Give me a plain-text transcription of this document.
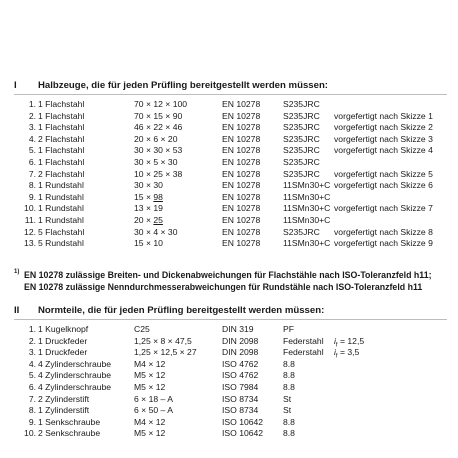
I Halbzeuge, die für jeden Prüfling bereitgestellt werden müssen:
1. 1 Flachstahl	70 × 12 × 100	EN 10278	S235JRC
2. 1 Flachstahl	70 × 15 × 90	EN 10278	S235JRC vorgefertigt nach Skizze 1
3. 1 Flachstahl	46 × 22 × 46	EN 10278	S235JRC vorgefertigt nach Skizze 2
4. 2 Flachstahl	20 × 6 × 20	EN 10278	S235JRC vorgefertigt nach Skizze 3
5. 1 Flachstahl	30 × 30 × 53	EN 10278	S235JRC vorgefertigt nach Skizze 4
6. 1 Flachstahl	30 × 5 × 30	EN 10278	S235JRC
7. 2 Flachstahl	10 × 25 × 38	EN 10278	S235JRC vorgefertigt nach Skizze 5
8. 1 Rundstahl	30 × 30	EN 10278	11SMn30+C vorgefertigt nach Skizze 6
9. 1 Rundstahl	15 × 98	EN 10278	11SMn30+C
10. 1 Rundstahl	13 × 19	EN 10278	11SMn30+C vorgefertigt nach Skizze 7
11. 1 Rundstahl	20 × 25	EN 10278	11SMn30+C
12. 5 Flachstahl	30 × 4 × 30	EN 10278	S235JRC vorgefertigt nach Skizze 8
13. 5 Rundstahl	15 × 10	EN 10278	11SMn30+C vorgefertigt nach Skizze 9
1) EN 10278 zulässige Breiten- und Dickenabweichungen für Flachstähle nach ISO-Toleranzfeld h11;
EN 10278 zulässige Nenndurchmesserabweichungen für Rundstähle nach ISO-Toleranzfeld h11
II Normteile, die für jeden Prüfling bereitgestellt werden müssen:
1. 1 Kugelknopf	C25	DIN 319	PF
2. 1 Druckfeder	1,25 × 8 × 47,5	DIN 2098	Federstahl $i_f = 12,5$
3. 1 Druckfeder	1,25 × 12,5 × 27	DIN 2098	Federstahl $i_f = 3,5$
4. 4 Zylinderschraube	M4 × 12	ISO 4762	8.8
5. 4 Zylinderschraube	M5 × 12	ISO 4762	8.8
6. 4 Zylinderschraube	M5 × 12	ISO 7984	8.8
7. 2 Zylinderstift	6 × 18 – A	ISO 8734	St
8. 1 Zylinderstift	6 × 50 – A	ISO 8734	St
9. 1 Senkschraube	M4 × 12	ISO 10642 8.8
10. 2 Senkschraube	M5 × 12	ISO 10642 8.8
